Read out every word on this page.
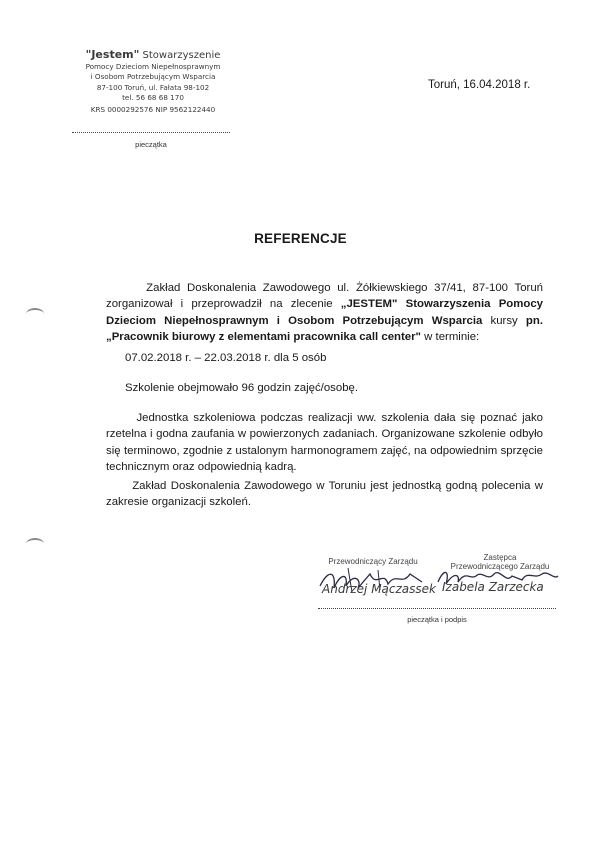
"Jestem" Stowarzyszenie
Pomocy Dzieciom Niepełnosprawnym
i Osobom Potrzebującym Wsparcia
87-100 Toruń, ul. Fałata 98-102
tel. 56 68 68 170
KRS 0000292576 NIP 9562122440
pieczątka
Toruń, 16.04.2018 r.
REFERENCJE
Zakład Doskonalenia Zawodowego ul. Żółkiewskiego 37/41, 87-100 Toruń zorganizował i przeprowadził na zlecenie „JESTEM" Stowarzyszenia Pomocy Dzieciom Niepełnosprawnym i Osobom Potrzebującym Wsparcia kursy pn. „Pracownik biurowy z elementami pracownika call center" w terminie:
07.02.2018 r. – 22.03.2018 r. dla 5 osób
Szkolenie obejmowało 96 godzin zajęć/osobę.
Jednostka szkoleniowa podczas realizacji ww. szkolenia dała się poznać jako rzetelna i godna zaufania w powierzonych zadaniach. Organizowane szkolenie odbyło się terminowo, zgodnie z ustalonym harmonogramem zajęć, na odpowiednim sprzęcie technicznym oraz odpowiednią kadrą.
Zakład Doskonalenia Zawodowego w Toruniu jest jednostką godną polecenia w zakresie organizacji szkoleń.
Przewodniczący Zarządu
Andrzej Mączassek
Zastępca
Przewodniczącego Zarządu
Izabela Zarzecka
pieczątka i podpis
